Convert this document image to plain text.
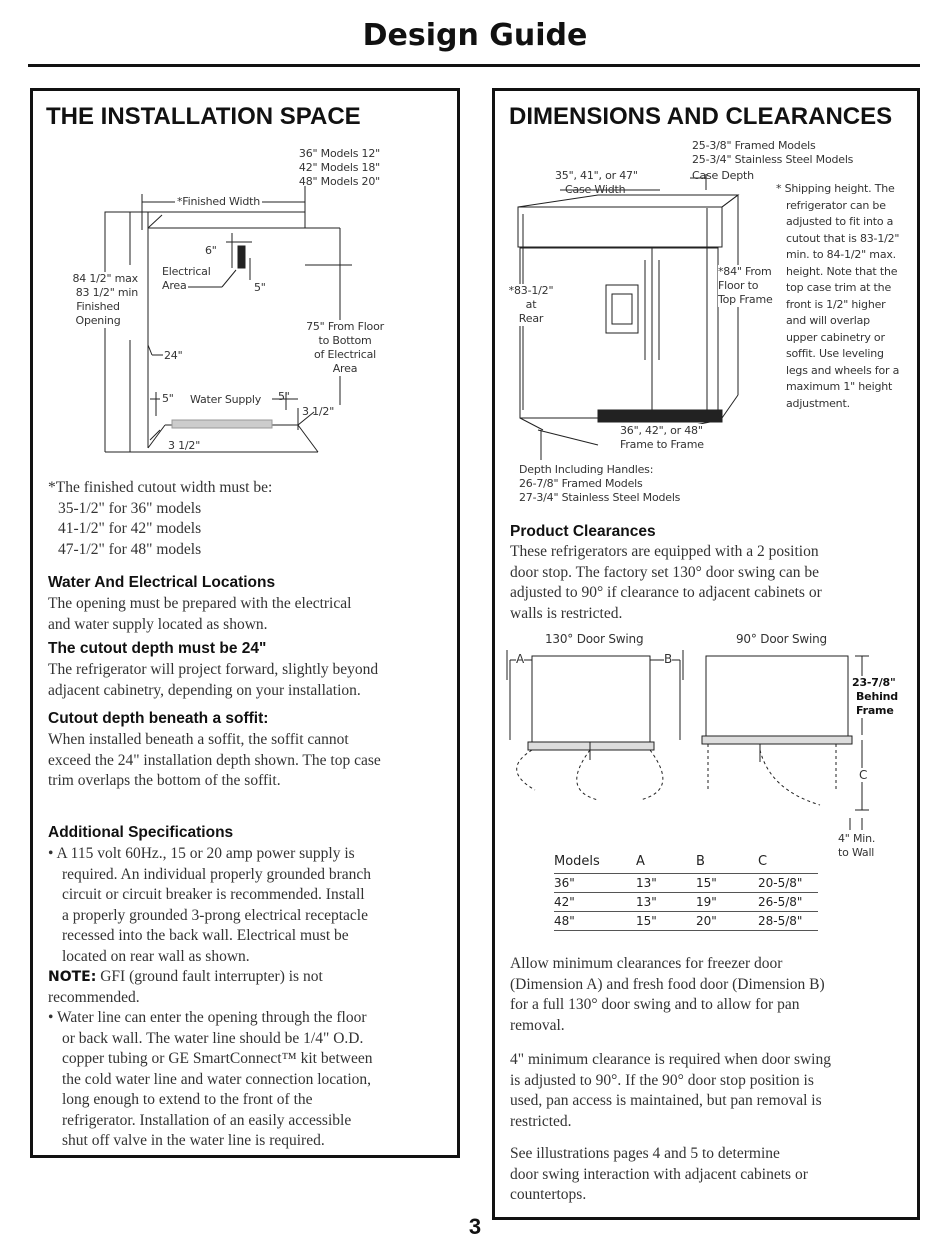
Design Guide
THE INSTALLATION SPACE
36" Models 12"
42" Models 18"
48" Models 20"
*Finished Width
6"
5"
Electrical
Area
84 1/2" max
83 1/2" min
Finished
Opening	75" From Floor
to Bottom
of Electrical
Area
24"
5" Water Supply 5"
3 1/2"
3 1/2"
*The finished cutout width must be:
35-1/2" for 36" models
41-1/2" for 42" models
47-1/2" for 48" models
Water And Electrical Locations
The opening must be prepared with the electrical
and water supply located as shown.
The cutout depth must be 24"
The refrigerator will project forward, slightly beyond
adjacent cabinetry, depending on your installation.
Cutout depth beneath a soffit:
When installed beneath a soffit, the soffit cannot
exceed the 24" installation depth shown. The top case
trim overlaps the bottom of the soffit.
Additional Specifications
• A 115 volt 60Hz., 15 or 20 amp power supply is
required. An individual properly grounded branch
circuit or circuit breaker is recommended. Install
a properly grounded 3-prong electrical receptacle
recessed into the back wall. Electrical must be
located on rear wall as shown.
NOTE: GFI (ground fault interrupter) is not
recommended.
• Water line can enter the opening through the floor
or back wall. The water line should be 1/4" O.D.
copper tubing or GE SmartConnect™ kit between
the cold water line and water connection location,
long enough to extend to the front of the
refrigerator. Installation of an easily accessible
shut off valve in the water line is required.
DIMENSIONS AND CLEARANCES
25-3/8" Framed Models
25-3/4" Stainless Steel Models
35", 41", or 47"
Case Width
Case Depth
* Shipping height. The
refrigerator can be
adjusted to fit into a
cutout that is 83-1/2"
min. to 84-1/2" max.
height. Note that the
top case trim at the
front is 1/2" higher
and will overlap
upper cabinetry or
soffit. Use leveling
legs and wheels for a
maximum 1" height
adjustment.
*84" From
Floor to
Top Frame
*83-1/2"
at
Rear
36", 42", or 48"
Frame to Frame
Depth Including Handles:
26-7/8" Framed Models
27-3/4" Stainless Steel Models
Product Clearances
These refrigerators are equipped with a 2 position
door stop. The factory set 130° door swing can be
adjusted to 90° if clearance to adjacent cabinets or
walls is restricted.
130° Door Swing	90° Door Swing
A	B
C
23-7/8"
Behind
Frame
4" Min.
to Wall
Models	A	B	C
36"	13"	15"	20-5/8"
42"	13"	19"	26-5/8"
48"	15"	20"	28-5/8"
Allow minimum clearances for freezer door
(Dimension A) and fresh food door (Dimension B)
for a full 130° door swing and to allow for pan
removal.
4" minimum clearance is required when door swing
is adjusted to 90°. If the 90° door stop position is
used, pan access is maintained, but pan removal is
restricted.
See illustrations pages 4 and 5 to determine
door swing interaction with adjacent cabinets or
countertops.
3
